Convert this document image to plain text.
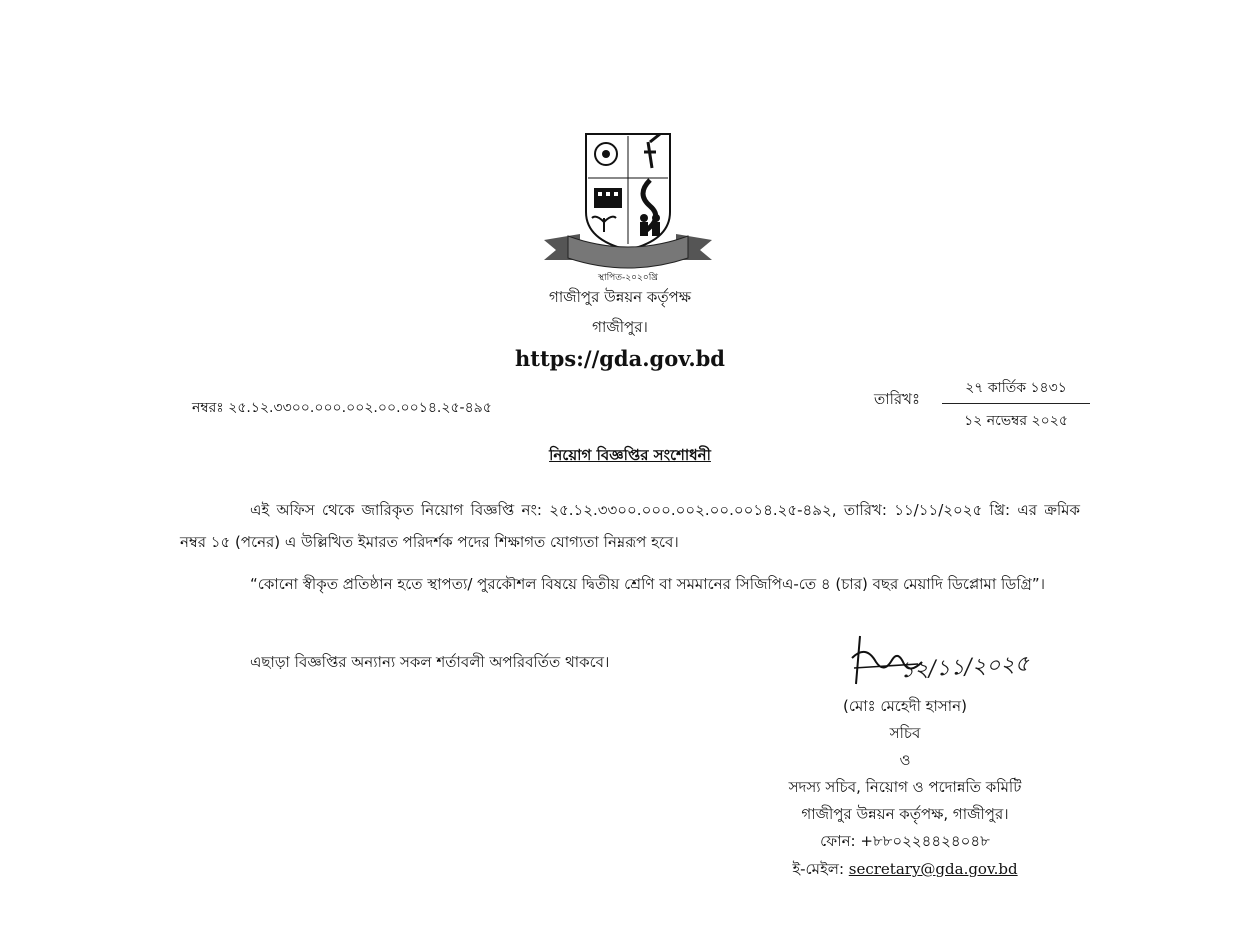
স্থাপিত-২০২০খ্রি
গাজীপুর উন্নয়ন কর্তৃপক্ষ
গাজীপুর।
https://gda.gov.bd
নম্বরঃ ২৫.১২.৩৩০০.০০০.০০২.০০.০০১৪.২৫-৪৯৫	তারিখঃ
২৭ কার্তিক ১৪৩১
১২ নভেম্বর ২০২৫
নিয়োগ বিজ্ঞপ্তির সংশোধনী
এই অফিস থেকে জারিকৃত নিয়োগ বিজ্ঞপ্তি নং: ২৫.১২.৩৩০০.০০০.০০২.০০.০০১৪.২৫-৪৯২, তারিখ: ১১/১১/২০২৫ খ্রি: এর ক্রমিক নম্বর ১৫ (পনের) এ উল্লিখিত ইমারত পরিদর্শক পদের শিক্ষাগত যোগ্যতা নিম্নরূপ হবে।
“কোনো স্বীকৃত প্রতিষ্ঠান হতে স্থাপত্য/ পুরকৌশল বিষয়ে দ্বিতীয় শ্রেণি বা সমমানের সিজিপিএ-তে ৪ (চার) বছর মেয়াদি ডিপ্লোমা ডিগ্রি”।
এছাড়া বিজ্ঞপ্তির অন্যান্য সকল শর্তাবলী অপরিবর্তিত থাকবে।	১২/১১/২০২৫
(মোঃ মেহেদী হাসান)
সচিব
ও
সদস্য সচিব, নিয়োগ ও পদোন্নতি কমিটি
গাজীপুর উন্নয়ন কর্তৃপক্ষ, গাজীপুর।
ফোন: +৮৮০২২৪৪২৪০৪৮
ই-মেইল: secretary@gda.gov.bd
